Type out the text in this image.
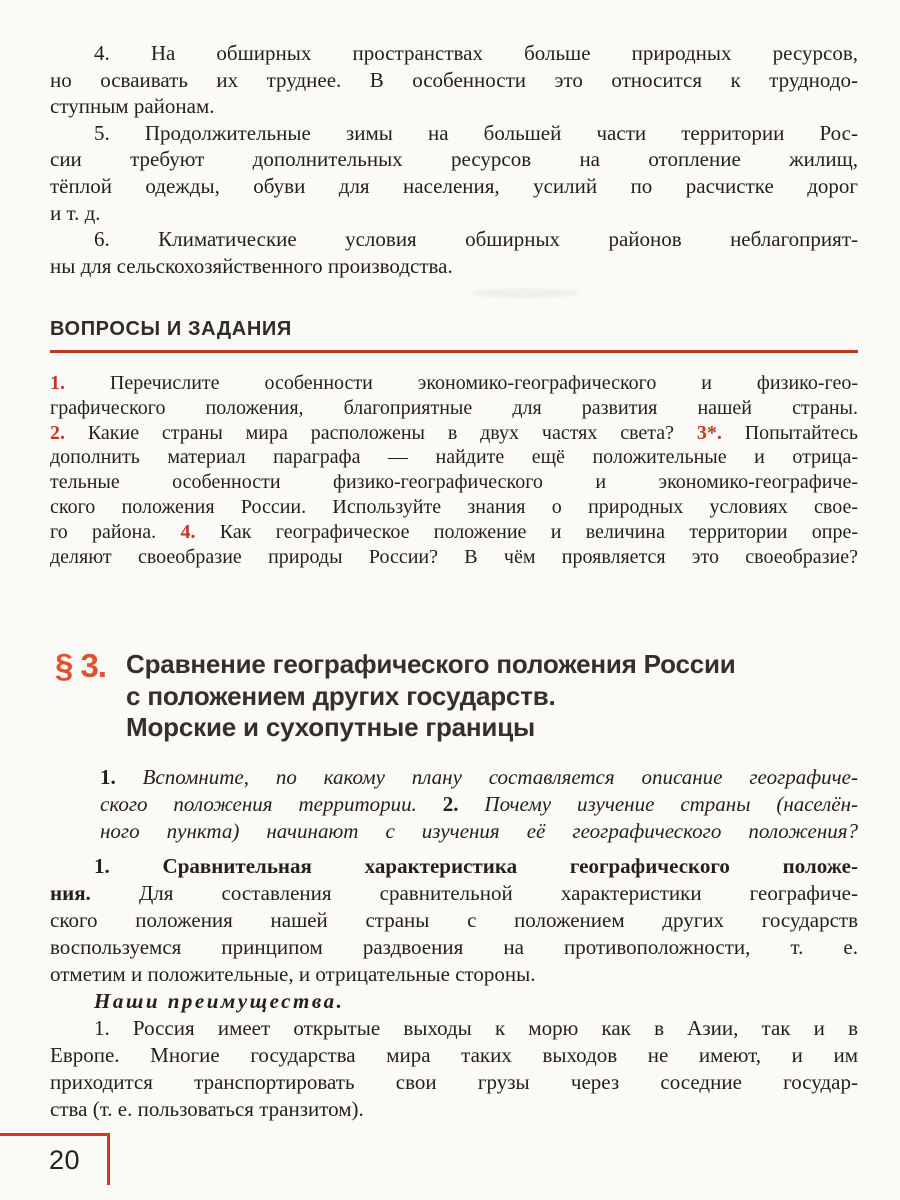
4. На обширных пространствах больше природных ресурсов,
но осваивать их труднее. В особенности это относится к труднодо-
ступным районам.
5. Продолжительные зимы на большей части территории Рос-
сии требуют дополнительных ресурсов на отопление жилищ,
тёплой одежды, обуви для населения, усилий по расчистке дорог
и т. д.
6. Климатические условия обширных районов неблагоприят-
ны для сельскохозяйственного производства.
ВОПРОСЫ И ЗАДАНИЯ
1. Перечислите особенности экономико-географического и физико-гео-
графического положения, благоприятные для развития нашей страны.
2. Какие страны мира расположены в двух частях света? 3*. Попытайтесь
дополнить материал параграфа — найдите ещё положительные и отрица-
тельные особенности физико-географического и экономико-географиче-
ского положения России. Используйте знания о природных условиях свое-
го района. 4. Как географическое положение и величина территории опре-
деляют своеобразие природы России? В чём проявляется это своеобразие?
§ 3. Сравнение географического положения России
с положением других государств.
Морские и сухопутные границы
1. Вспомните, по какому плану составляется описание географиче-
ского положения территории. 2. Почему изучение страны (населён-
ного пункта) начинают с изучения её географического положения?
1. Сравнительная характеристика географического положе-
ния. Для составления сравнительной характеристики географиче-
ского положения нашей страны с положением других государств
воспользуемся принципом раздвоения на противоположности, т. е.
отметим и положительные, и отрицательные стороны.
Наши преимущества.
1. Россия имеет открытые выходы к морю как в Азии, так и в
Европе. Многие государства мира таких выходов не имеют, и им
приходится транспортировать свои грузы через соседние государ-
ства (т. е. пользоваться транзитом).
20
